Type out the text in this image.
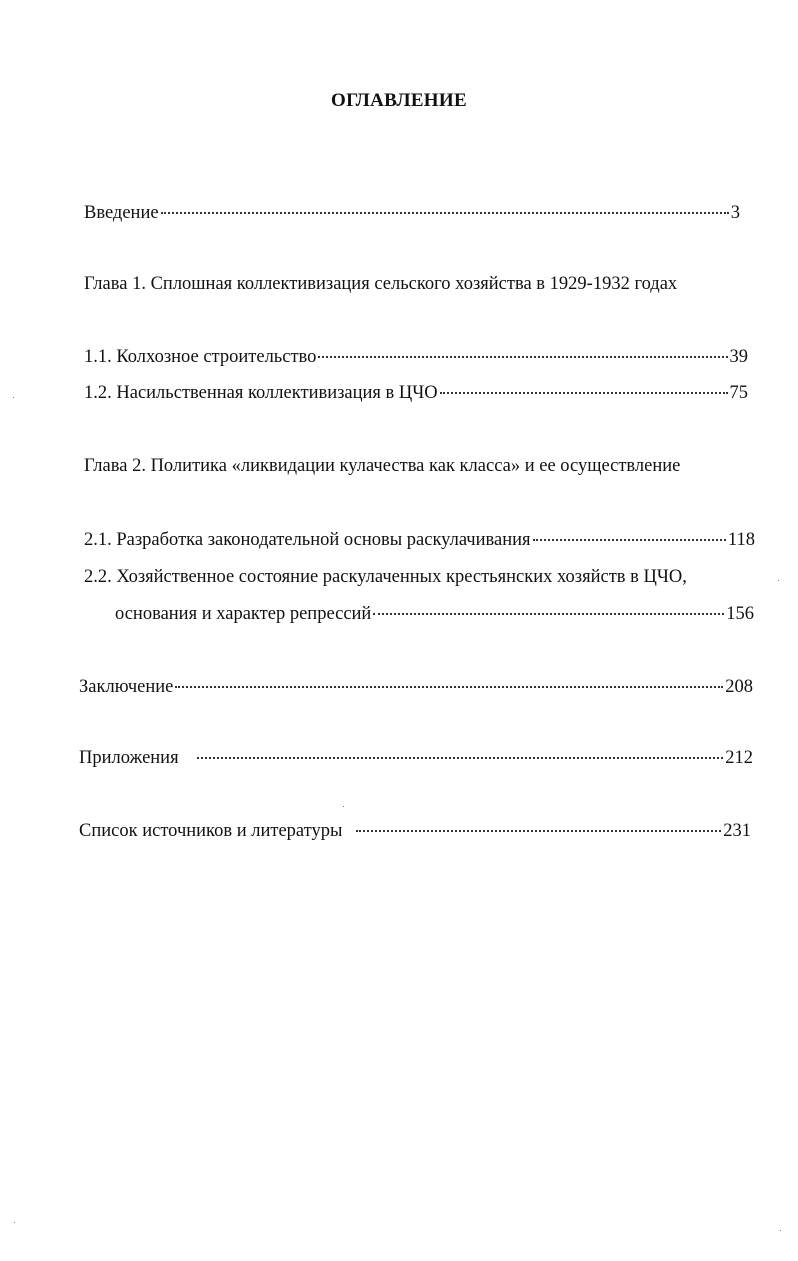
ОГЛАВЛЕНИЕ
Введение	3
Глава 1. Сплошная коллективизация сельского хозяйства в 1929-1932 годах
1.1. Колхозное строительство	39
1.2. Насильственная коллективизация в ЦЧО	75
Глава 2. Политика «ликвидации кулачества как класса» и ее осуществление
2.1. Разработка законодательной основы раскулачивания	118
2.2. Хозяйственное состояние раскулаченных крестьянских хозяйств в ЦЧО,
основания и характер репрессий	156
Заключение	208
Приложения	212
Список источников и литературы	231
